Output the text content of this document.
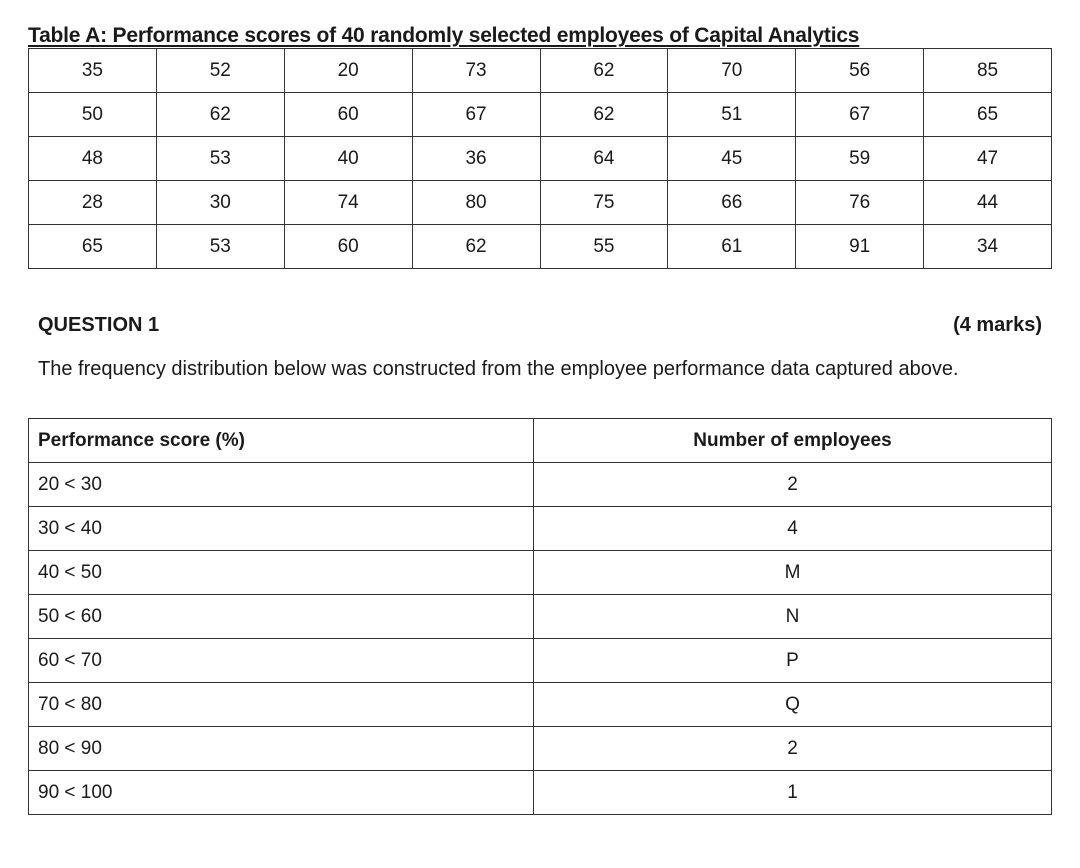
Table A: Performance scores of 40 randomly selected employees of Capital Analytics
35	52	20	73	62	70	56	85
50	62	60	67	62	51	67	65
48	53	40	36	64	45	59	47
28	30	74	80	75	66	76	44
65	53	60	62	55	61	91	34
QUESTION 1	(4 marks)
The frequency distribution below was constructed from the employee performance data captured above.
Performance score (%)	Number of employees
20 < 30	2
30 < 40	4
40 < 50	M
50 < 60	N
60 < 70	P
70 < 80	Q
80 < 90	2
90 < 100	1
